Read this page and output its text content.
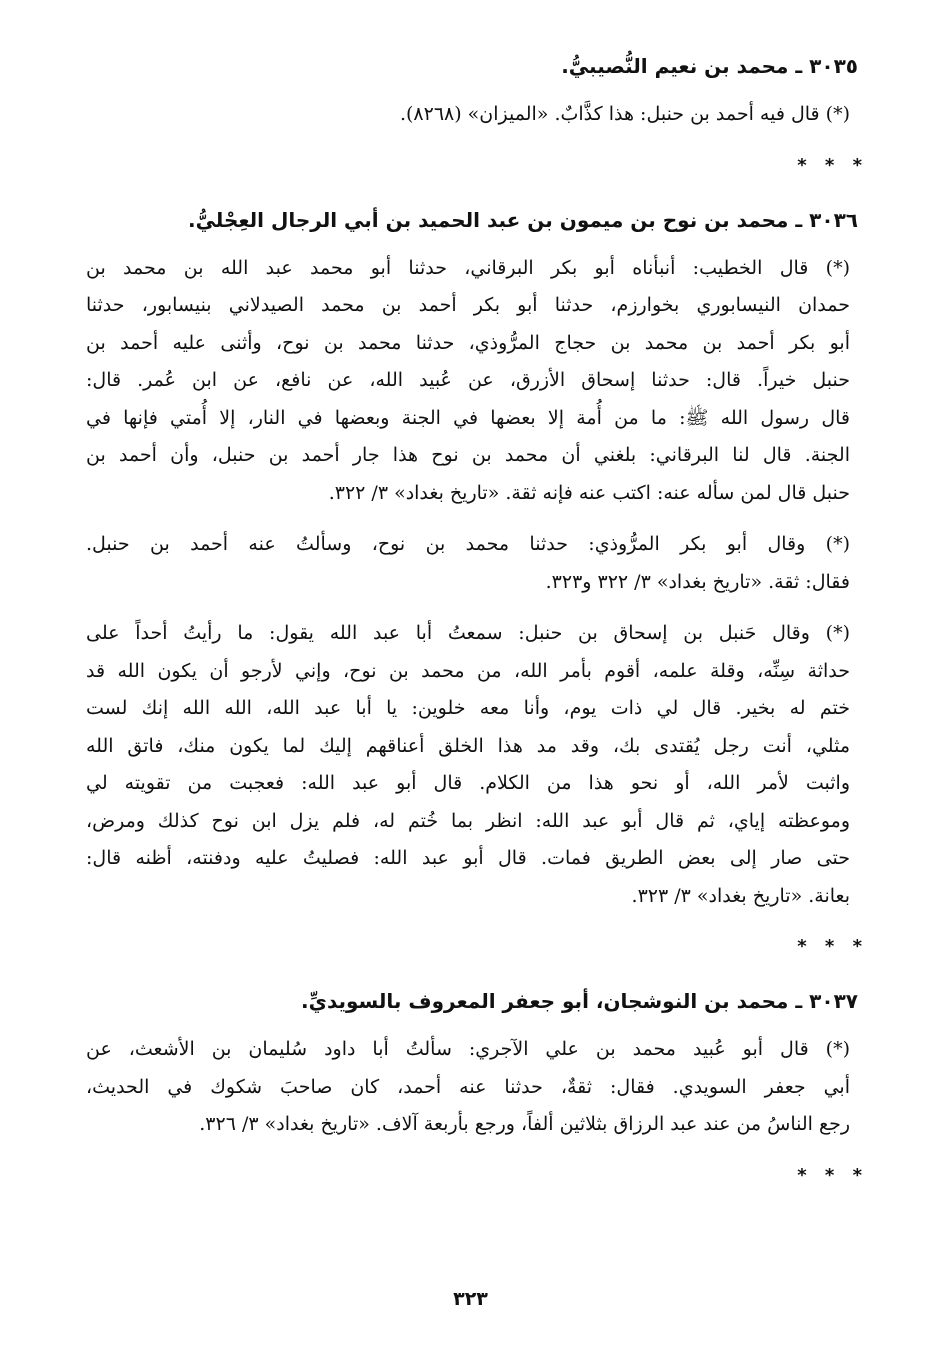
٣٠٣٥ ـ محمد بن نعيم النُّصيبيُّ.

(*) قال فيه أحمد بن حنبل: هذا كذَّابٌ. «الميزان» (٨٢٦٨).

* * *
٣٠٣٦ ـ محمد بن نوح بن ميمون بن عبد الحميد بن أبي الرجال العِجْليُّ.

(*) قال الخطيب: أنبأناه أبو بكر البرقاني، حدثنا أبو محمد عبد الله بن محمد بن
حمدان النيسابوري بخوارزم، حدثنا أبو بكر أحمد بن محمد الصيدلاني بنيسابور، حدثنا
أبو بكر أحمد بن محمد بن حجاج المرُّوذي، حدثنا محمد بن نوح، وأثنى عليه أحمد بن
حنبل خيراً. قال: حدثنا إسحاق الأزرق، عن عُبيد الله، عن نافع، عن ابن عُمر. قال:
قال رسول الله ﷺ: ما من أُمة إلا بعضها في الجنة وبعضها في النار، إلا أُمتي فإنها في
الجنة. قال لنا البرقاني: بلغني أن محمد بن نوح هذا جار أحمد بن حنبل، وأن أحمد بن
حنبل قال لمن سأله عنه: اكتب عنه فإنه ثقة. «تاريخ بغداد» ٣/ ٣٢٢.

(*) وقال أبو بكر المرُّوذي: حدثنا محمد بن نوح، وسألتُ عنه أحمد بن حنبل.
فقال: ثقة. «تاريخ بغداد» ٣/ ٣٢٢ و٣٢٣.

(*) وقال حَنبل بن إسحاق بن حنبل: سمعتُ أبا عبد الله يقول: ما رأيتُ أحداً على
حداثة سِنِّه، وقلة علمه، أقوم بأمر الله، من محمد بن نوح، وإني لأرجو أن يكون الله قد
ختم له بخير. قال لي ذات يوم، وأنا معه خلوين: يا أبا عبد الله، الله الله إنك لست
مثلي، أنت رجل يُقتدى بك، وقد مد هذا الخلق أعناقهم إليك لما يكون منك، فاتق الله
واثبت لأمر الله، أو نحو هذا من الكلام. قال أبو عبد الله: فعجبت من تقويته لي
وموعظته إياي، ثم قال أبو عبد الله: انظر بما خُتم له، فلم يزل ابن نوح كذلك ومرض،
حتى صار إلى بعض الطريق فمات. قال أبو عبد الله: فصليتُ عليه ودفنته، أظنه قال:
بعانة. «تاريخ بغداد» ٣/ ٣٢٣.

* * *
٣٠٣٧ ـ محمد بن النوشجان، أبو جعفر المعروف بالسويديِّ.

(*) قال أبو عُبيد محمد بن علي الآجري: سألتُ أبا داود سُليمان بن الأشعث، عن
أبي جعفر السويدي. فقال: ثقةٌ، حدثنا عنه أحمد، كان صاحبَ شكوك في الحديث،
رجع الناسُ من عند عبد الرزاق بثلاثين ألفاً، ورجع بأربعة آلاف. «تاريخ بغداد» ٣/ ٣٢٦.

* * *
٣٢٣
